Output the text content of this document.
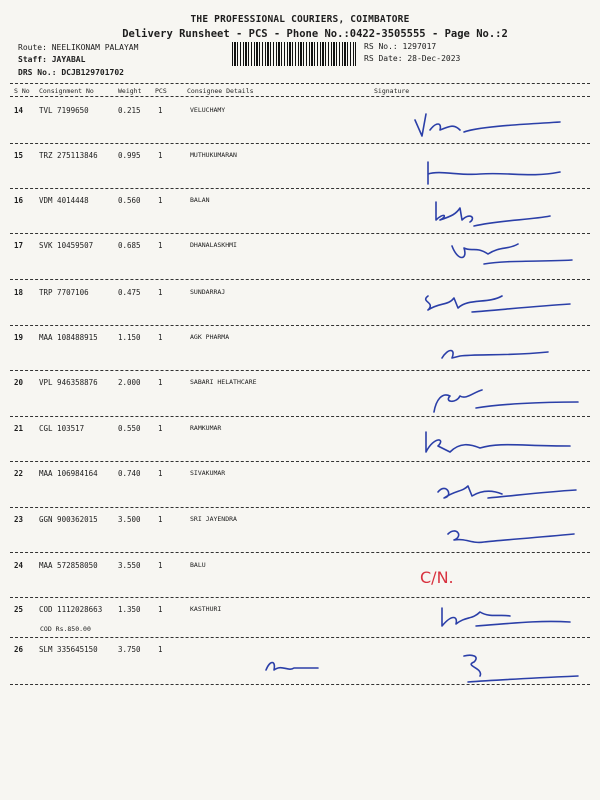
THE PROFESSIONAL COURIERS, COIMBATORE
Delivery Runsheet - PCS - Phone No.:0422-3505555 - Page No.:2
Route: NEELIKONAM PALAYAM
Staff: JAYABAL
DRS No.: DCJB129701702
RS No.: 1297017
RS Date: 28-Dec-2023
S No Consignment No	Weight PCS	Consignee Details	Signature
14 TVL 7199650	0.215 1	VELUCHAMY
15 TRZ 275113846	0.995 1	MUTHUKUMARAN
16 VDM 4014448	0.560 1	BALAN
17 SVK 10459507	0.685 1	DHANALASKHMI
18 TRP 7707106	0.475 1	SUNDARRAJ
19 MAA 108488915	1.150 1	AGK PHARMA
20 VPL 946358876	2.000 1	SABARI HELATHCARE
21 CGL 103517	0.550 1	RAMKUMAR
22 MAA 106984164	0.740 1	SIVAKUMAR
23 GGN 900362015	3.500 1	SRI JAYENDRA
24 MAA 572858050	3.550 1	BALU
25 COD 1112028663 1.350 1	KASTHURI
COD Rs.850.00
26 SLM 335645150	3.750 1
C/N.
